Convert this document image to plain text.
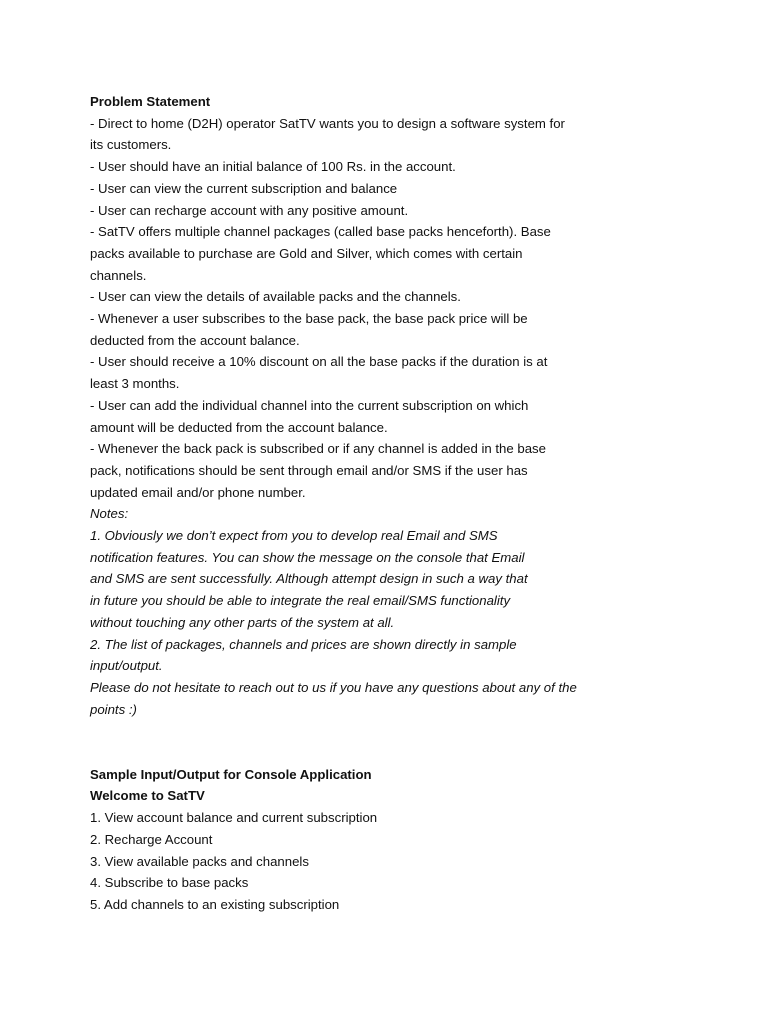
Problem Statement
- Direct to home (D2H) operator SatTV wants you to design a software system for
its customers.
- User should have an initial balance of 100 Rs. in the account.
- User can view the current subscription and balance
- User can recharge account with any positive amount.
- SatTV offers multiple channel packages (called base packs henceforth). Base
packs available to purchase are Gold and Silver, which comes with certain
channels.
- User can view the details of available packs and the channels.
- Whenever a user subscribes to the base pack, the base pack price will be
deducted from the account balance.
- User should receive a 10% discount on all the base packs if the duration is at
least 3 months.
- User can add the individual channel into the current subscription on which
amount will be deducted from the account balance.
- Whenever the back pack is subscribed or if any channel is added in the base
pack, notifications should be sent through email and/or SMS if the user has
updated email and/or phone number.
Notes:
1. Obviously we don’t expect from you to develop real Email and SMS
notification features. You can show the message on the console that Email
and SMS are sent successfully. Although attempt design in such a way that
in future you should be able to integrate the real email/SMS functionality
without touching any other parts of the system at all.
2. The list of packages, channels and prices are shown directly in sample
input/output.
Please do not hesitate to reach out to us if you have any questions about any of the
points :)
Sample Input/Output for Console Application
Welcome to SatTV
1. View account balance and current subscription
2. Recharge Account
3. View available packs and channels
4. Subscribe to base packs
5. Add channels to an existing subscription
